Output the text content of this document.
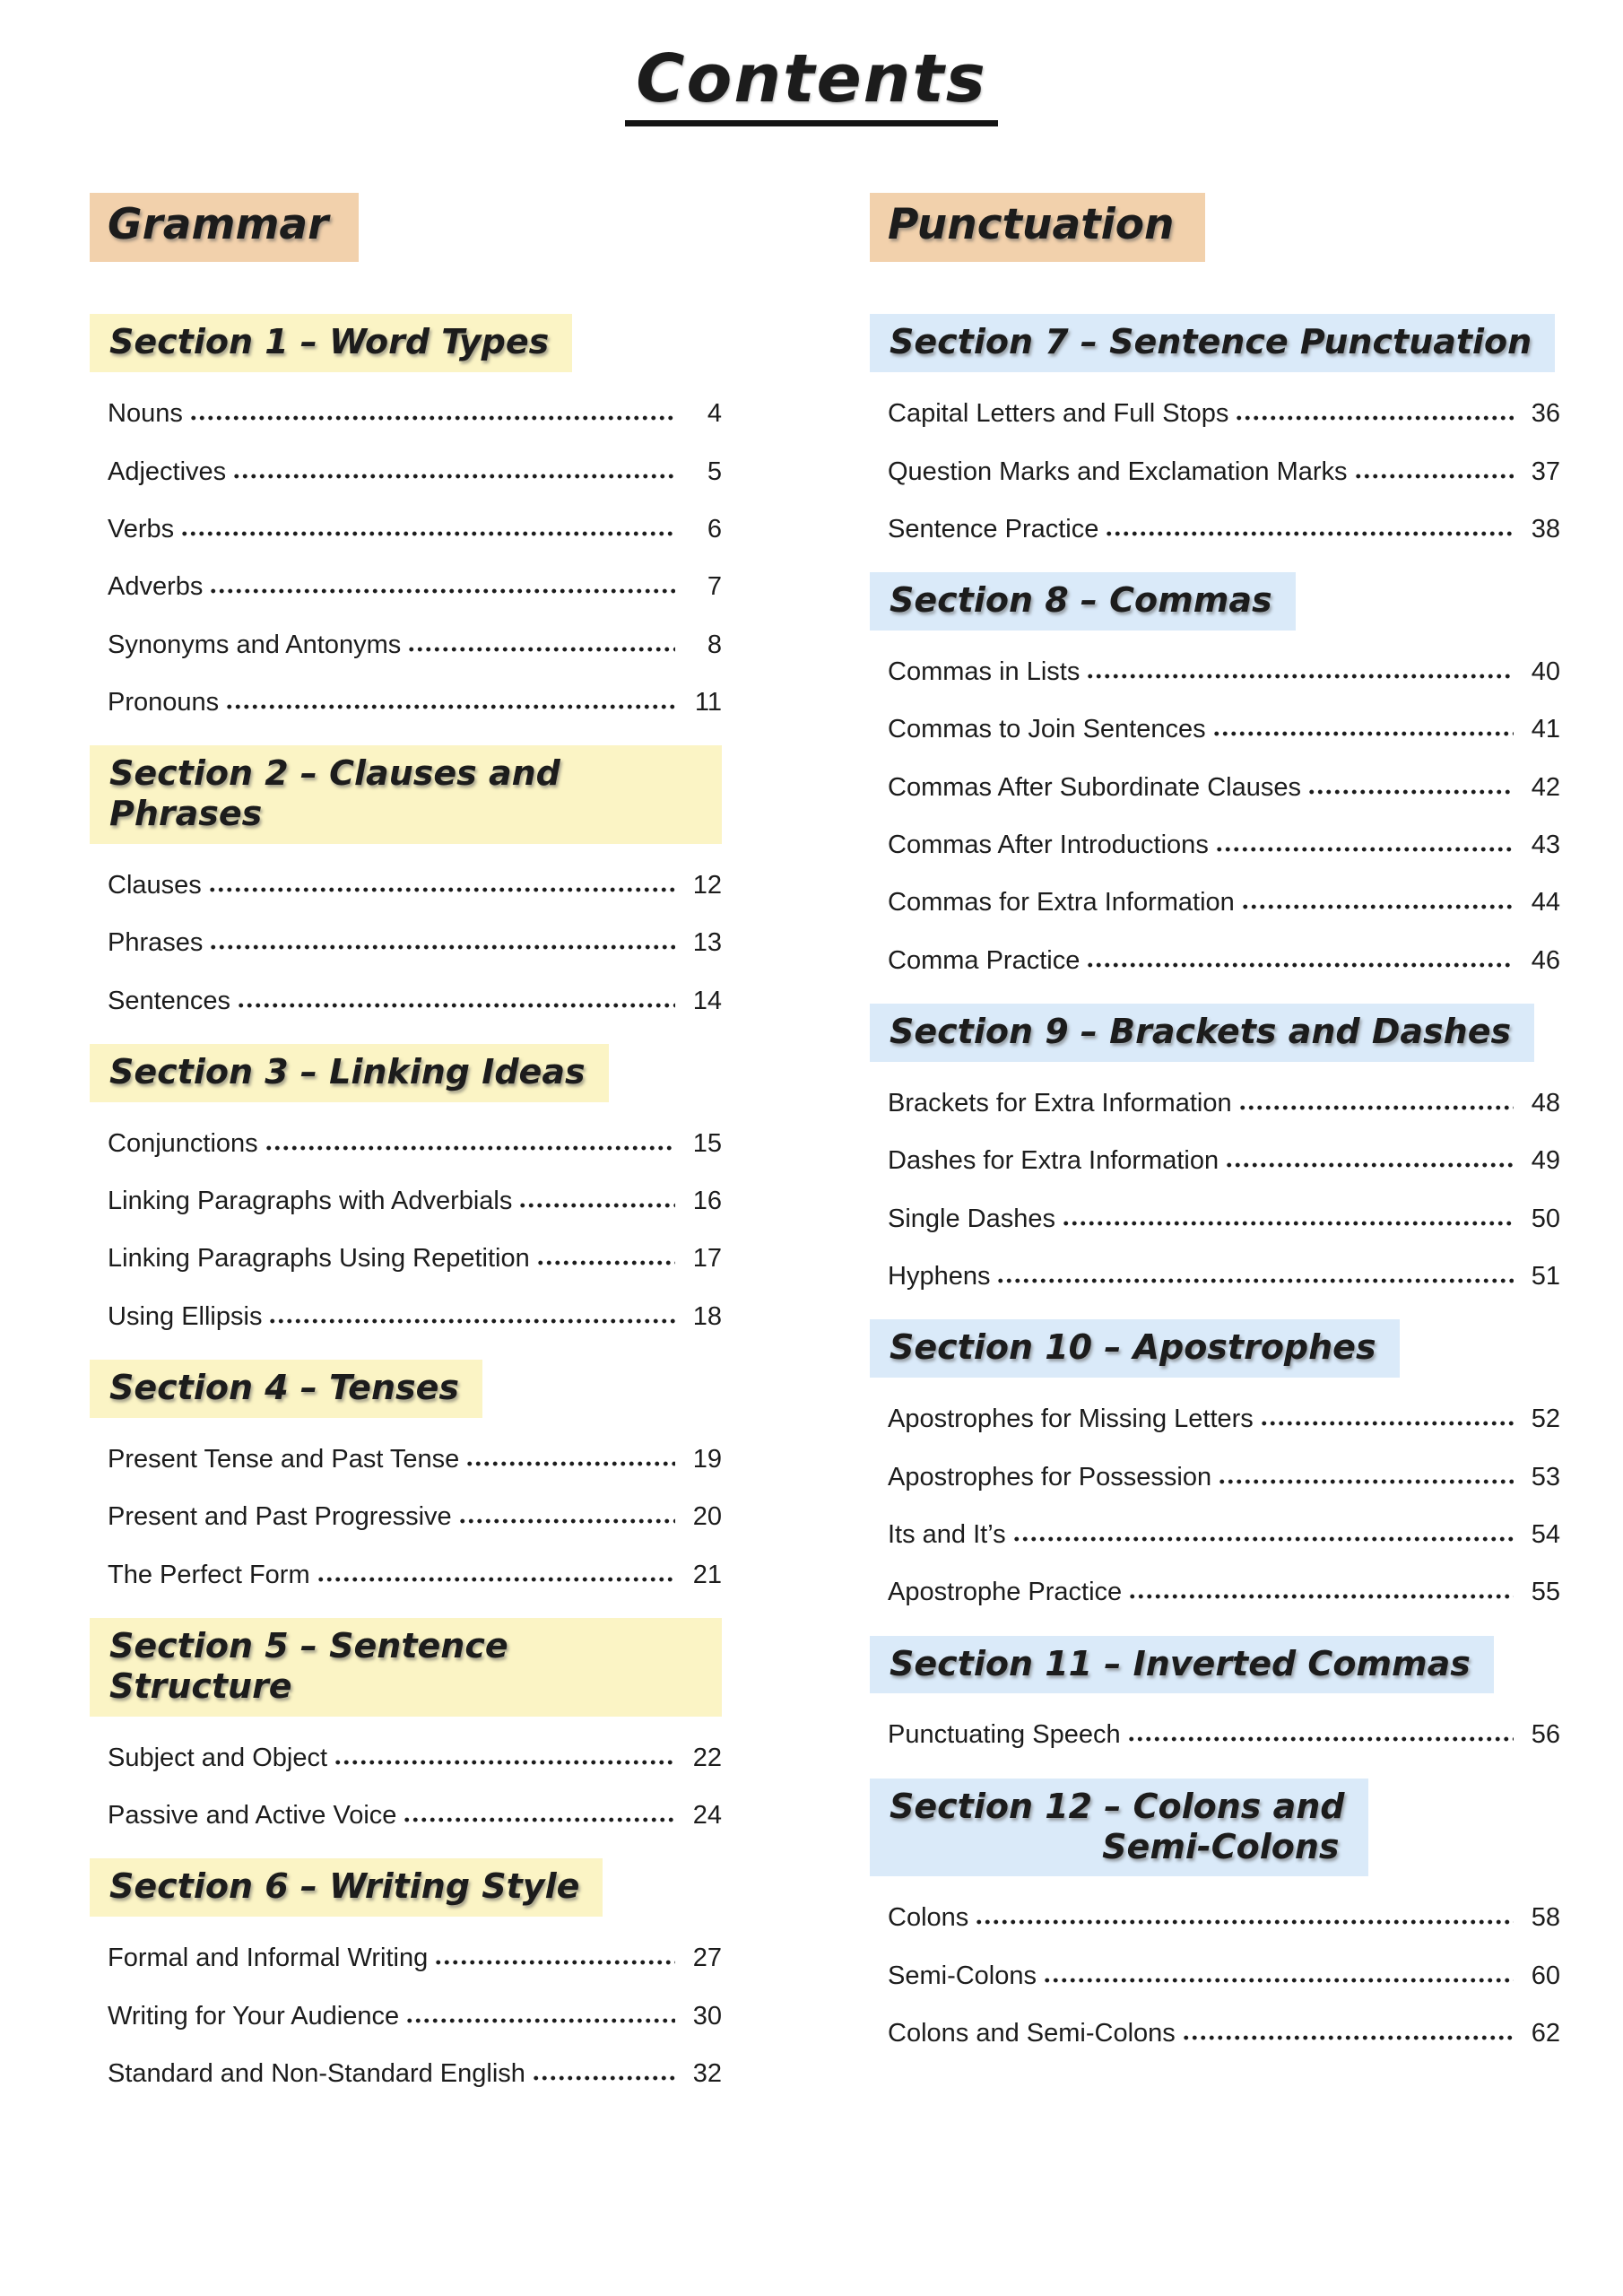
Contents
Grammar
Section 1 – Word Types
Nouns	4
Adjectives	5
Verbs	6
Adverbs	7
Synonyms and Antonyms	8
Pronouns	11
Section 2 – Clauses and Phrases
Clauses	12
Phrases	13
Sentences	14
Section 3 – Linking Ideas
Conjunctions	15
Linking Paragraphs with Adverbials	16
Linking Paragraphs Using Repetition	17
Using Ellipsis	18
Section 4 – Tenses
Present Tense and Past Tense	19
Present and Past Progressive	20
The Perfect Form	21
Section 5 – Sentence Structure
Subject and Object	22
Passive and Active Voice	24
Section 6 – Writing Style
Formal and Informal Writing	27
Writing for Your Audience	30
Standard and Non-Standard English	32
Punctuation
Section 7 – Sentence Punctuation
Capital Letters and Full Stops	36
Question Marks and Exclamation Marks	37
Sentence Practice	38
Section 8 – Commas
Commas in Lists	40
Commas to Join Sentences	41
Commas After Subordinate Clauses	42
Commas After Introductions	43
Commas for Extra Information	44
Comma Practice	46
Section 9 – Brackets and Dashes
Brackets for Extra Information	48
Dashes for Extra Information	49
Single Dashes	50
Hyphens	51
Section 10 – Apostrophes
Apostrophes for Missing Letters	52
Apostrophes for Possession	53
Its and It’s	54
Apostrophe Practice	55
Section 11 – Inverted Commas
Punctuating Speech	56
Section 12 – Colons and
Semi-Colons
Colons	58
Semi-Colons	60
Colons and Semi-Colons	62
